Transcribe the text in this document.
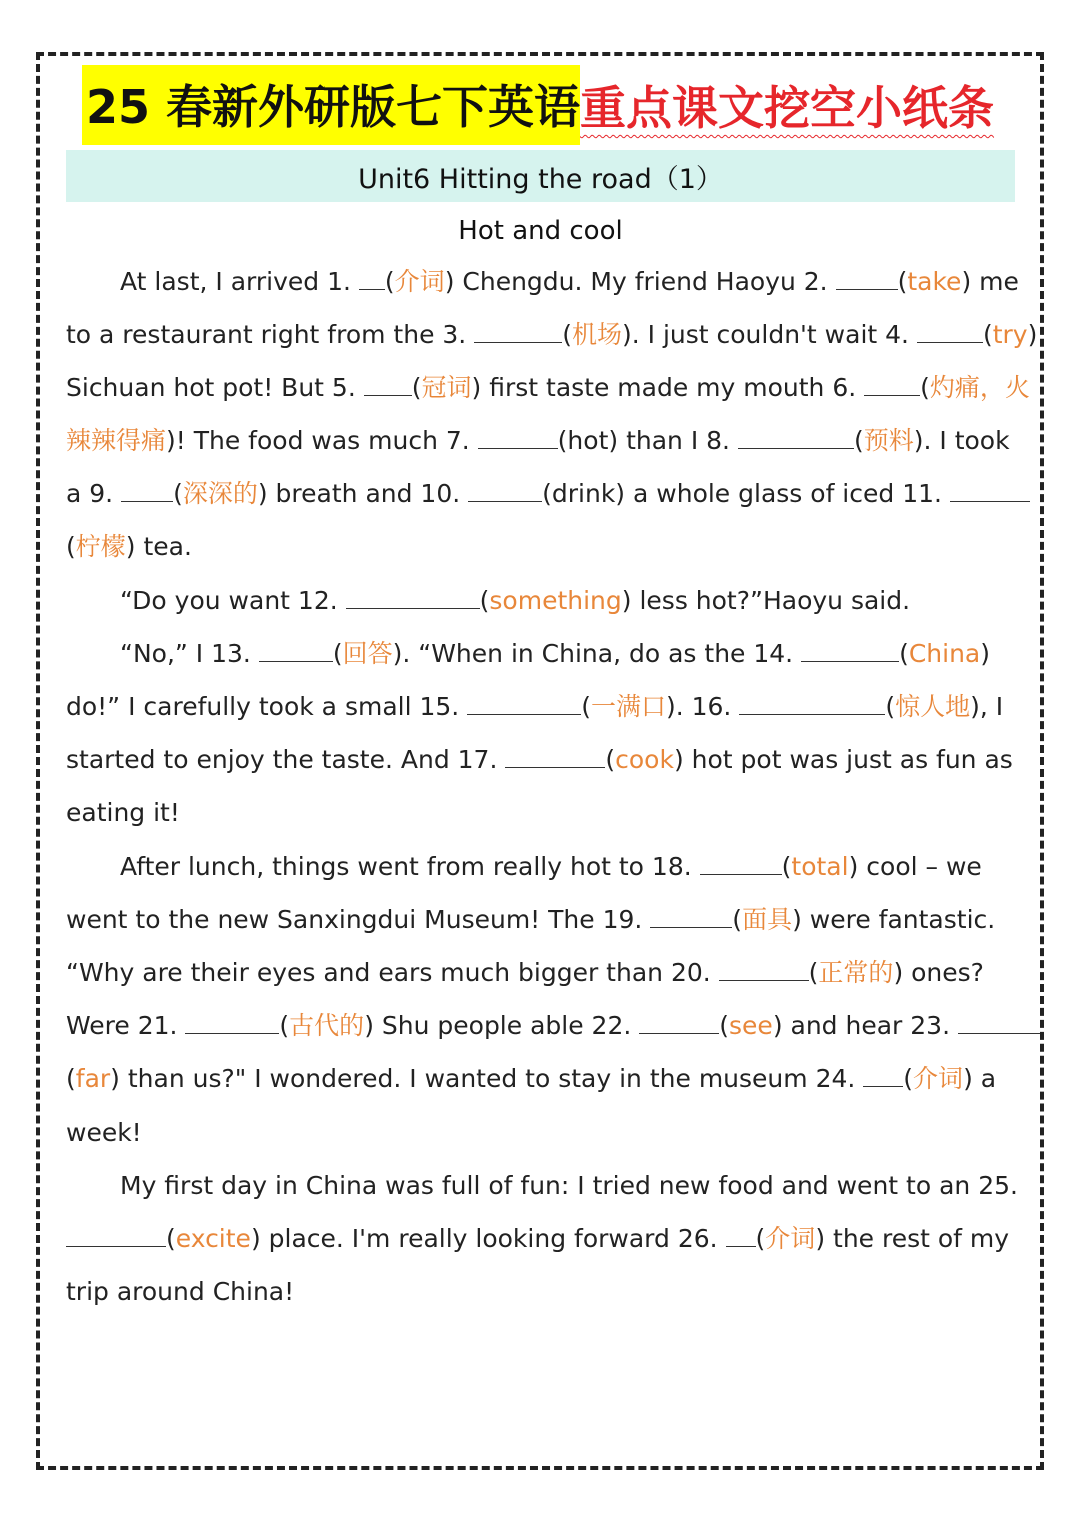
25 春新外研版七下英语 重点课文挖空小纸条
Unit6 Hitting the road（1）
Hot and cool
At last, I arrived 1. (介词) Chengdu. My friend Haoyu 2. (take) me
to a restaurant right from the 3.	(机场). I just couldn't wait 4.	(try)
Sichuan hot pot! But 5. (冠词) first taste made my mouth 6. (灼痛，火
辣辣得痛)! The food was much 7.	(hot) than I 8.	(预料). I took
a 9. (深深的) breath and 10.	(drink) a whole glass of iced 11.
(柠檬) tea.
“Do you want 12.	(something) less hot?”Haoyu said.
“No,” I 13.	(回答). “When in China, do as the 14.	(China)
do!” I carefully took a small 15.	(一满口). 16.	(惊人地), I
started to enjoy the taste. And 17.	(cook) hot pot was just as fun as
eating it!
After lunch, things went from really hot to 18.	(total) cool – we
went to the new Sanxingdui Museum! The 19.	(面具) were fantastic.
“Why are their eyes and ears much bigger than 20.	(正常的) ones?
Were 21.	(古代的) Shu people able 22.	(see) and hear 23.
(far) than us?" I wondered. I wanted to stay in the museum 24. (介词) a
week!
My first day in China was full of fun: I tried new food and went to an 25.
(excite) place. I'm really looking forward 26. (介词) the rest of my
trip around China!
